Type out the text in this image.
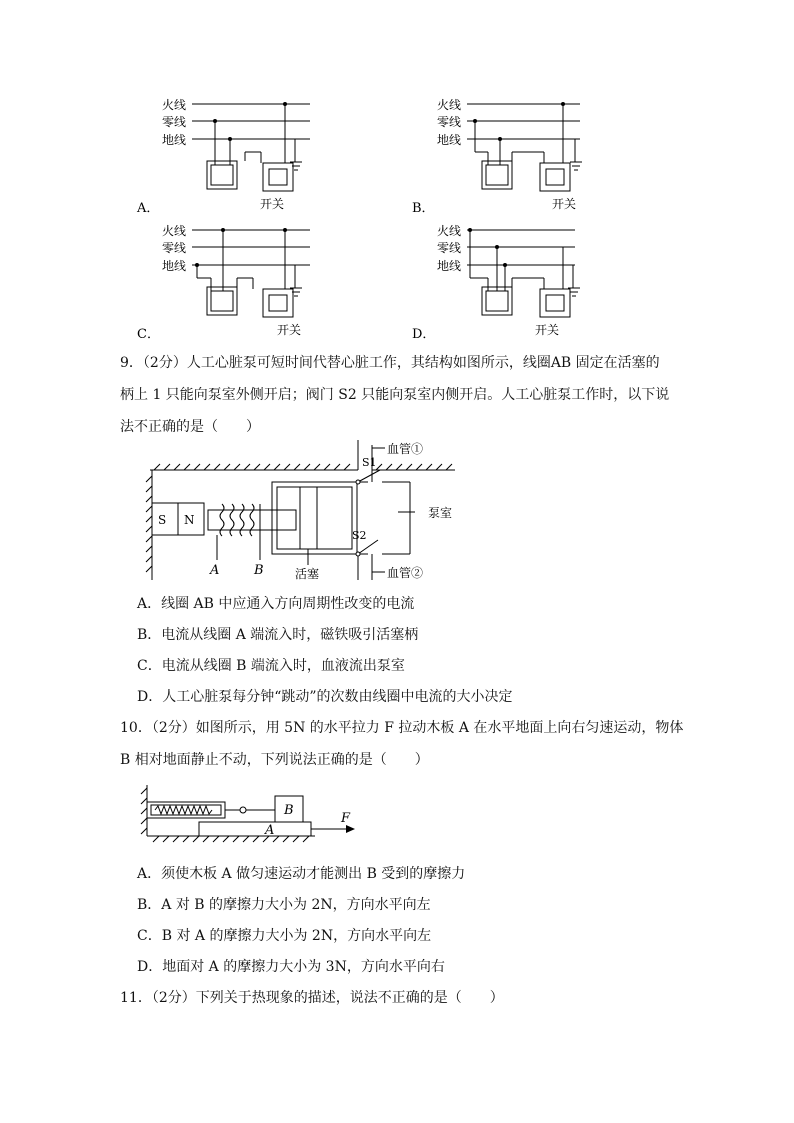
火线
零线
地线
开关
A．
火线
零线
地线
开关
B．
火线
零线
地线
开关
C．
火线
零线
地线
开关
D．
9．（2分）人工心脏泵可短时间代替心脏工作，其结构如图所示，线圈AB 固定在活塞的
柄上 1 只能向泵室外侧开启；阀门 S2 只能向泵室内侧开启。人工心脏泵工作时，以下说
法不正确的是（　　）
S N
A	B	活塞
S1
S2
血管①
血管②
泵室
A．线圈 AB 中应通入方向周期性改变的电流
B．电流从线圈 A 端流入时，磁铁吸引活塞柄
C．电流从线圈 B 端流入时，血液流出泵室
D．人工心脏泵每分钟“跳动”的次数由线圈中电流的大小决定
10．（2分）如图所示，用 5N 的水平拉力 F 拉动木板 A 在水平地面上向右匀速运动，物体
B 相对地面静止不动，下列说法正确的是（　　）
B
A
F
A．须使木板 A 做匀速运动才能测出 B 受到的摩擦力
B．A 对 B 的摩擦力大小为 2N，方向水平向左
C．B 对 A 的摩擦力大小为 2N，方向水平向左
D．地面对 A 的摩擦力大小为 3N，方向水平向右
11．（2分）下列关于热现象的描述，说法不正确的是（　　）
